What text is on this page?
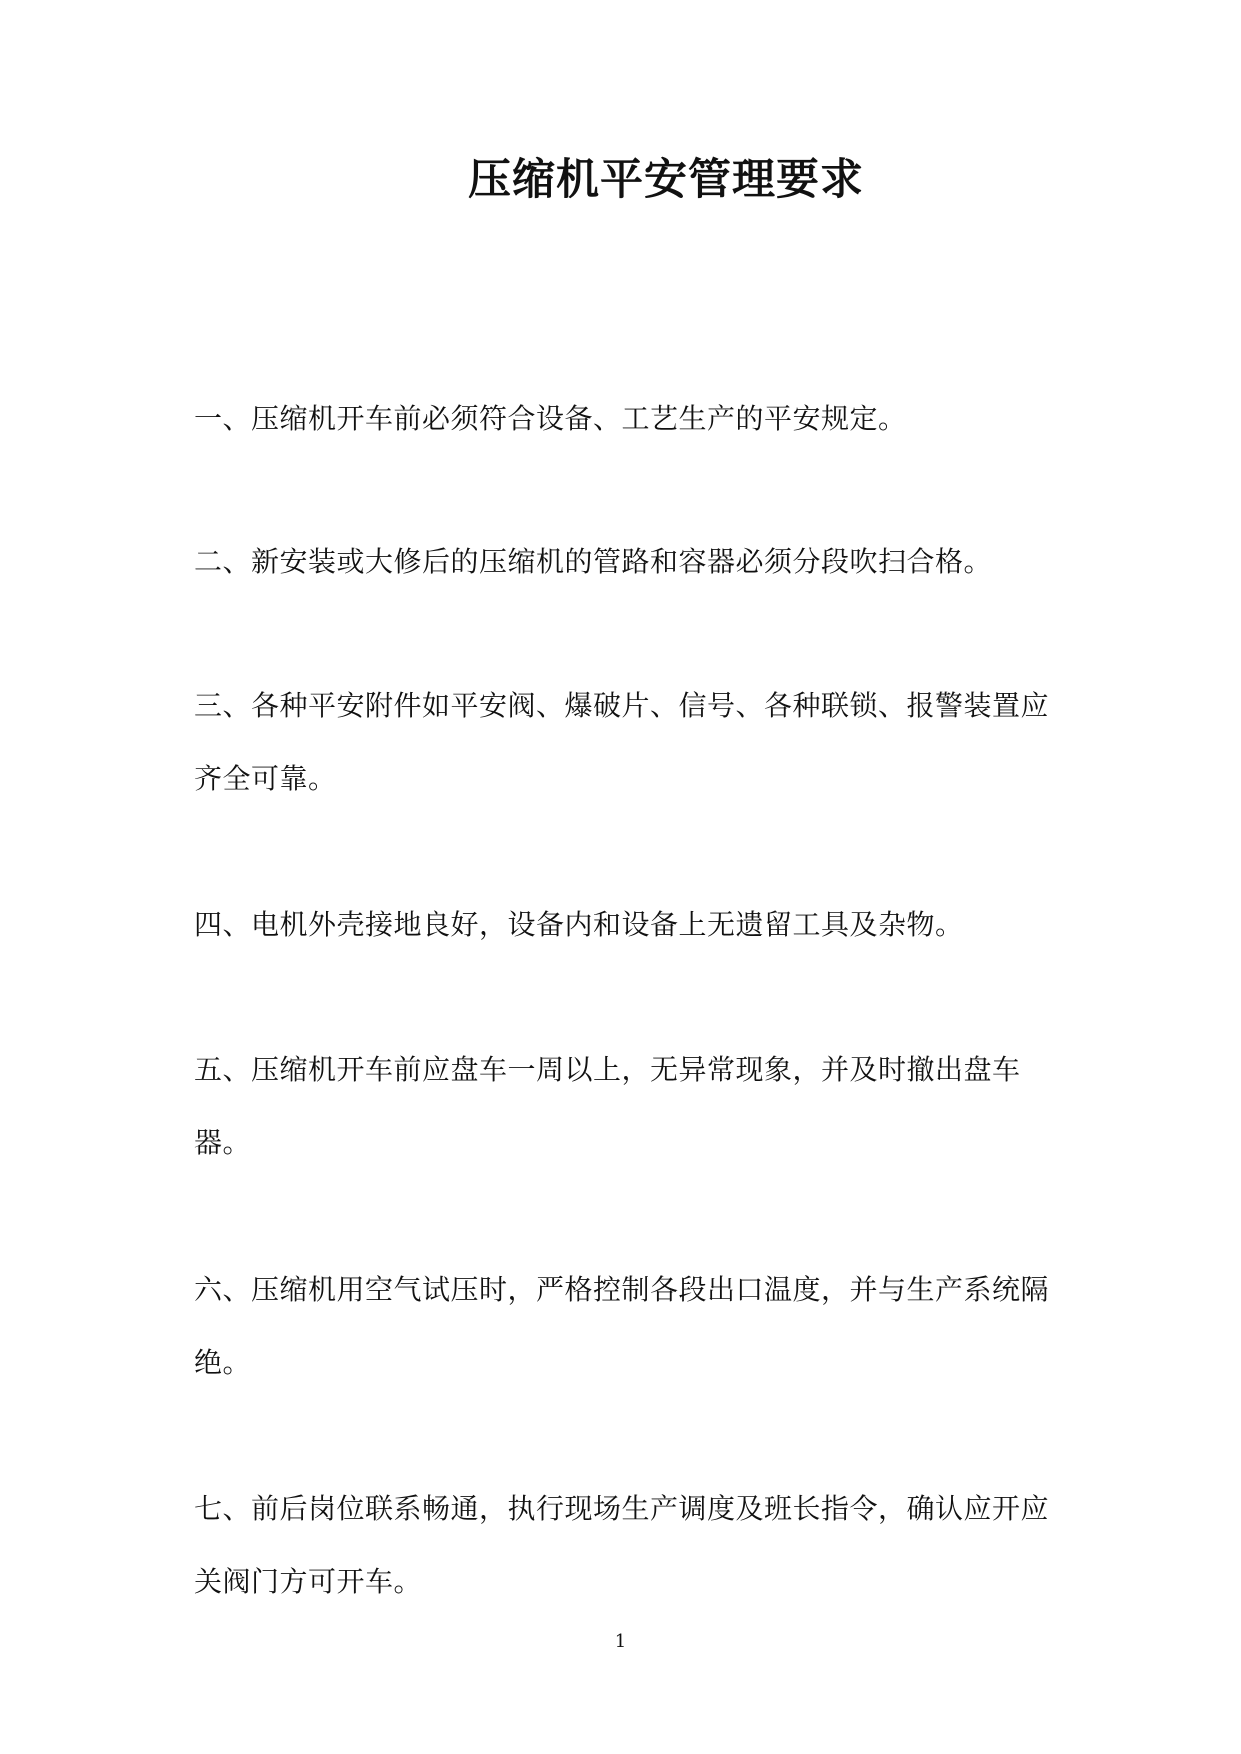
压缩机平安管理要求

一、压缩机开车前必须符合设备、工艺生产的平安规定。

二、新安装或大修后的压缩机的管路和容器必须分段吹扫合格。

三、各种平安附件如平安阀、爆破片、信号、各种联锁、报警装置应齐全可靠。

四、电机外壳接地良好，设备内和设备上无遗留工具及杂物。

五、压缩机开车前应盘车一周以上，无异常现象，并及时撤出盘车器。

六、压缩机用空气试压时，严格控制各段出口温度，并与生产系统隔绝。

七、前后岗位联系畅通，执行现场生产调度及班长指令，确认应开应关阀门方可开车。

1
